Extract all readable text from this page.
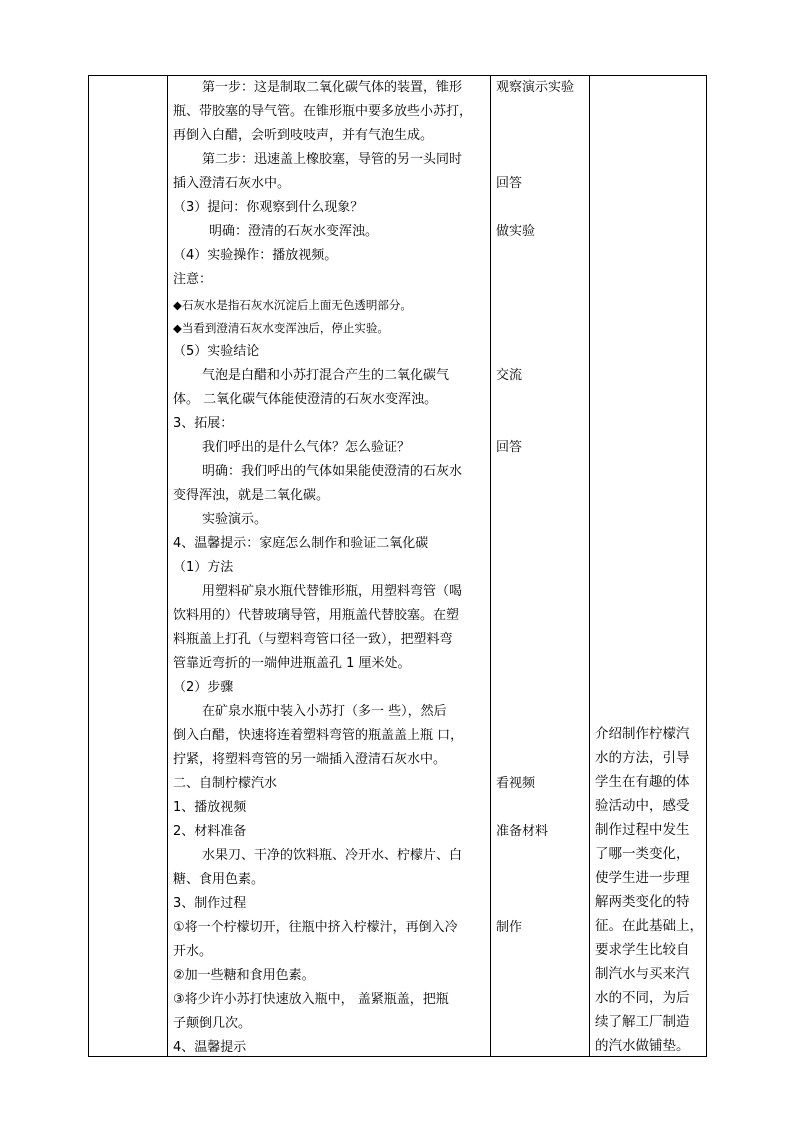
第一步：这是制取二氧化碳气体的装置，锥形
瓶、带胶塞的导气管。在锥形瓶中要多放些小苏打，
再倒入白醋，会听到吱吱声，并有气泡生成。
第二步：迅速盖上橡胶塞，导管的另一头同时
插入澄清石灰水中。
（3）提问：你观察到什么现象？
明确：澄清的石灰水变浑浊。
（4）实验操作：播放视频。
注意：
◆石灰水是指石灰水沉淀后上面无色透明部分。
◆当看到澄清石灰水变浑浊后，停止实验。
（5）实验结论
气泡是白醋和小苏打混合产生的二氧化碳气
体。 二氧化碳气体能使澄清的石灰水变浑浊。
3、拓展：
我们呼出的是什么气体？怎么验证？
明确：我们呼出的气体如果能使澄清的石灰水
变得浑浊，就是二氧化碳。
实验演示。
4、温馨提示：家庭怎么制作和验证二氧化碳
（1）方法
用塑料矿泉水瓶代替锥形瓶，用塑料弯管（喝
饮料用的）代替玻璃导管，用瓶盖代替胶塞。在塑
料瓶盖上打孔（与塑料弯管口径一致），把塑料弯
管靠近弯折的一端伸进瓶盖孔 1 厘米处。
（2）步骤
在矿泉水瓶中装入小苏打（多一 些），然后
倒入白醋，快速将连着塑料弯管的瓶盖盖上瓶 口，
拧紧，将塑料弯管的另一端插入澄清石灰水中。
二、自制柠檬汽水
1、播放视频
2、材料准备
水果刀、干净的饮料瓶、冷开水、柠檬片、白
糖、食用色素。
3、制作过程
①将一个柠檬切开，往瓶中挤入柠檬汁，再倒入冷
开水。
②加一些糖和食用色素。
③将少许小苏打快速放入瓶中， 盖紧瓶盖，把瓶
子颠倒几次。
4、温馨提示
观察演示实验
回答
做实验
交流
回答
看视频
准备材料
制作
介绍制作柠檬汽
水的方法，引导
学生在有趣的体
验活动中，感受
制作过程中发生
了哪一类变化，
使学生进一步理
解两类变化的特
征。在此基础上，
要求学生比较自
制汽水与买来汽
水的不同，为后
续了解工厂制造
的汽水做铺垫。
